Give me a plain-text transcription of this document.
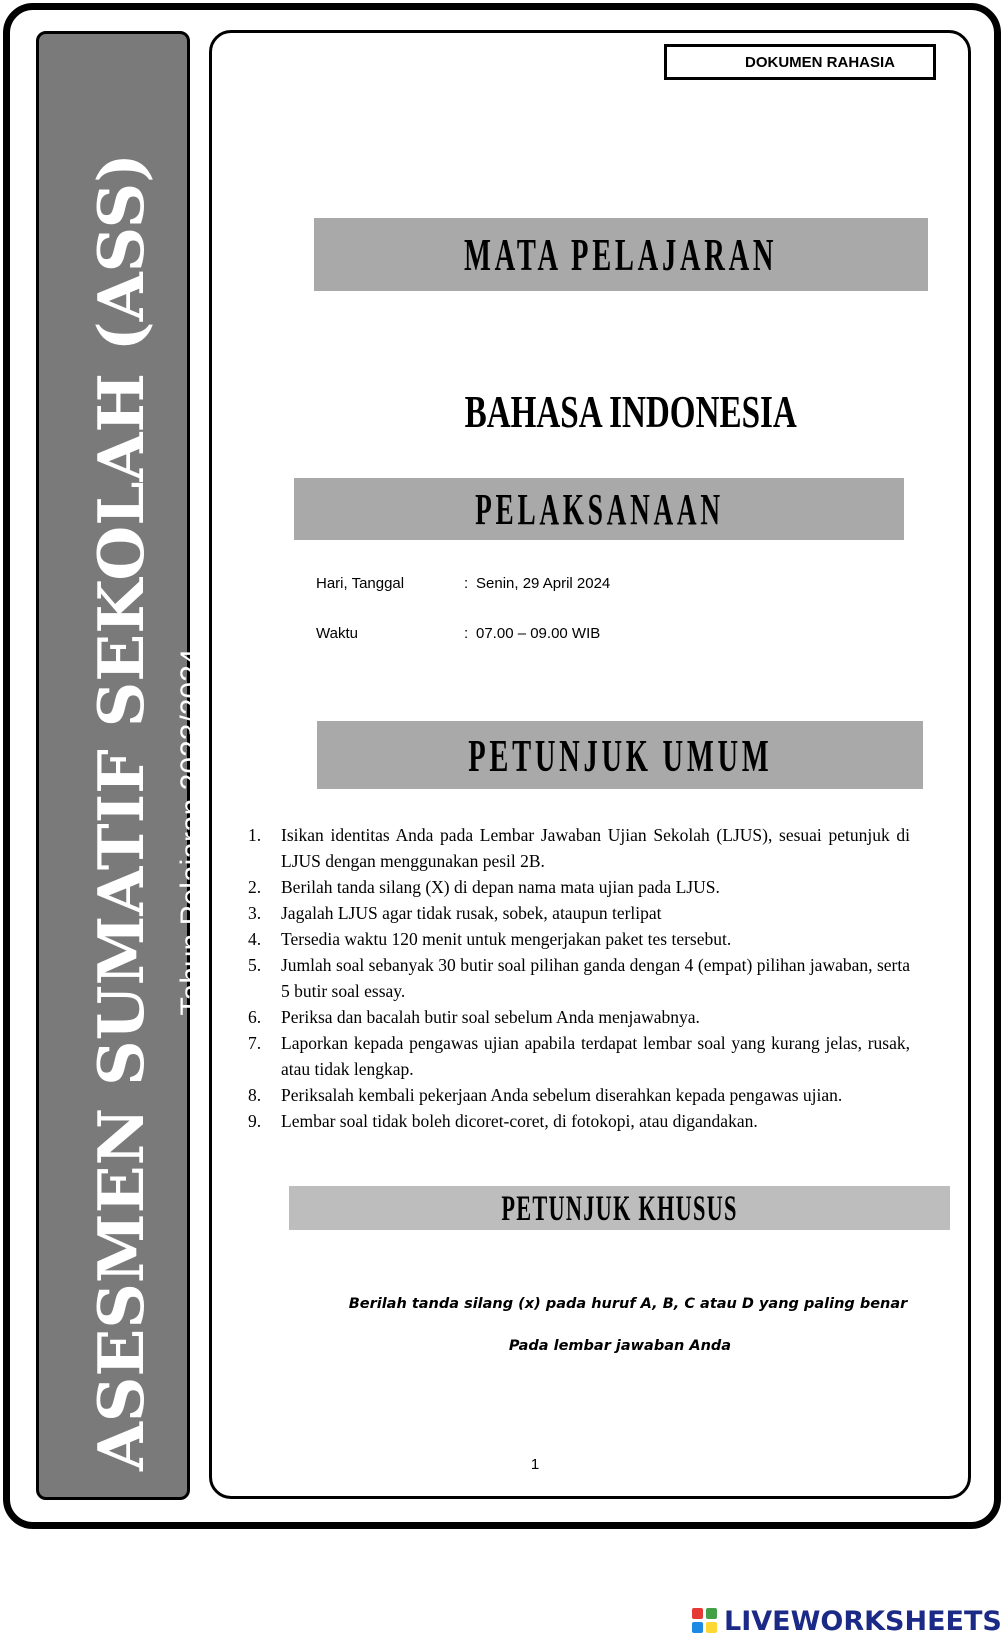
ASESMEN SUMATIF SEKOLAH (ASS) Tahun Pelajaran 2023/2024
DOKUMEN RAHASIA
MATA PELAJARAN
BAHASA INDONESIA
PELAKSANAAN
Hari, Tanggal	: Senin, 29 April 2024
Waktu	: 07.00 – 09.00 WIB
PETUNJUK UMUM
1. Isikan identitas Anda pada Lembar Jawaban Ujian Sekolah (LJUS), sesuai petunjuk di LJUS dengan menggunakan pesil 2B.
2. Berilah tanda silang (X) di depan nama mata ujian pada LJUS.
3. Jagalah LJUS agar tidak rusak, sobek, ataupun terlipat
4. Tersedia waktu 120 menit untuk mengerjakan paket tes tersebut.
5. Jumlah soal sebanyak 30 butir soal pilihan ganda dengan 4 (empat) pilihan jawaban, serta 5 butir soal essay.
6. Periksa dan bacalah butir soal sebelum Anda menjawabnya.
7. Laporkan kepada pengawas ujian apabila terdapat lembar soal yang kurang jelas, rusak, atau tidak lengkap.
8. Periksalah kembali pekerjaan Anda sebelum diserahkan kepada pengawas ujian.
9. Lembar soal tidak boleh dicoret-coret, di fotokopi, atau digandakan.
PETUNJUK KHUSUS
Berilah tanda silang (x) pada huruf A, B, C atau D yang paling benar
Pada lembar jawaban Anda
1
LIVEWORKSHEETS
